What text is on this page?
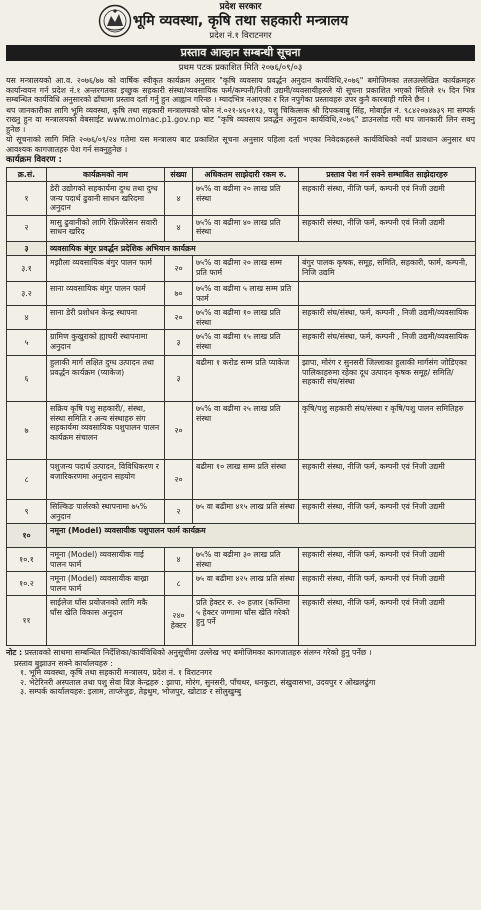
प्रदेश सरकार
भूमि व्यवस्था, कृषि तथा सहकारी मन्त्रालय
प्रदेश नं.१ विराटनगर
प्रस्ताव आव्हान सम्बन्धी सूचना
प्रथम पटक प्रकाशित मिति २०७६/०९/०३

यस मन्त्रालयको आ.व. २०७६/७७ को वार्षिक स्वीकृत कार्यक्रम अनुसार "कृषि व्यवसाय प्रवर्द्धन अनुदान कार्यविधि,२०७६" बमोजिमका तलउल्लेखित कार्यक्रमहरु कार्यान्वयन गर्न प्रदेश नं.१ अन्तरगतका इच्छुक सहकारी संस्था/व्यवसायिक फर्म/कम्पनी/निजी उद्यमी/व्यवसायीहरुले यो सूचना प्रकाशित भएको मितिले १५ दिन भित्र सम्बन्धित कार्यविधि अनुसारको ढाँचामा प्रस्ताव दर्ता गर्नु हुन आह्वान गरिन्छ । म्यादभित्र नआएका र रित नपुगेका प्रस्तावहरु उपर कुनै कारबाही गरिने छैन ।

थप जानकारीका लागि भूमि व्यवस्था, कृषि तथा सहकारी मन्त्रालयको फोन नं.०२१-४६०११३, पशु चिकित्सक श्री दिपकबाबु सिंह, मोबाईल नं. ९८४२०७४७३९ मा सम्पर्क राख्नु हुन वा मन्त्रालयको वेबसाईट www.molmac.p1.gov.np बाट "कृषि व्यवसाय प्रवर्द्धन अनुदान कार्यविधि,२०७६" डाउनलोड गरी थप जानकारी लिन सक्नु हुनेछ ।

यो सूचनाको लागि मिति २०७६/०९/२४ गतेमा यस मन्त्रालय बाट प्रकाशित सूचना अनुसार पहिला दर्ता भएका निवेदकहरुले कार्यविधिको नयाँ प्रावधान अनुसार थप आवश्यक कागजातहरु पेश गर्न सक्नुहुनेछ ।

कार्यक्रम विवरण :
क्र.सं.	कार्यक्रमको नाम	संख्या	अधिकतम साझेदारी रकम रु.	प्रस्ताव पेश गर्न सक्ने सम्भावित साझेदारहरु
१	डेरी उद्योगको सहकार्यमा दुग्ध तथा दुग्ध जन्य पदार्थ ढुवानी साधन खरिदमा अनुदान	४	७५% वा बढीमा २० लाख प्रति संस्था	सहकारी संस्था, नीजि फर्म, कम्पनी एवं निजी उद्यमी
२	मासु ढुवानीको लागि रेफ्रिजेरेसन सवारी साधन खरिद	४	७५% वा बढीमा ४० लाख प्रति संस्था	सहकारी संस्था, नीजि फर्म, कम्पनी एवं निजी उद्यमी
३	व्यवसायिक बंगुर प्रवर्द्धन प्रदेशिक अभियान कार्यक्रम			
३.१	मझौला व्यवसायिक बंगुर पालन फार्म	२०	७५% वा बढीमा २० लाख सम्म प्रति फार्म	बंगुर पालक कृषक, समूह, समिति, सहकारी, फार्म, कम्पनी, निजि उद्यमि
३.२	साना व्यवसायिक बंगुर पालन फार्म	७०	७५% वा बढीमा ५ लाख सम्म प्रति फार्म	
४	साना डेरी प्रशोधन केन्द्र स्थापना	२०	७५% वा बढीमा १० लाख प्रति संस्था	सहकारी संघ/संस्था, फर्म, कम्पनी , निजी उद्यमी/व्यवसायिक
५	ग्रामिण कुखुराको ह्याचरी स्थापनामा अनुदान	३	७५% वा बढीमा १५ लाख प्रति संस्था	सहकारी संघ/संस्था, फर्म, कम्पनी , निजी उद्यमी/व्यवसायिक
६	हुलाकी मार्ग लक्षित दुग्ध उत्पादन तथा प्रवर्द्धन कार्यक्रम (प्याकेज)	३	बढीमा १ करोड सम्म प्रति प्याकेज	झापा, मोरंग र सुनसरी जिल्लाका हुलाकी मार्गसंग जोडिएका पालिकाहरुमा रहेका दूध उत्पादन कृषक समूह/ समिति/ सहकारी संघ/संस्था
७	सक्रिय कृषि पशु सहकारी/, संस्था, संस्था समिति र अन्य संस्थाहरु संग सहकार्यमा व्यवसायिक पशुपालन पालन कार्यक्रम संचालन	२०	७५% वा बढीमा २५ लाख प्रति संस्था	कृषि/पशु सहकारी संघ/संस्था र कृषि/पशु पालन समितिहरु
८	पशुजन्य पदार्थ उत्पादन, विविधिकरण र बजारिकरणमा अनुदान सहयोग	२०	बढीमा १० लाख सम्म प्रति संस्था	सहकारी संस्था, नीजि फर्म, कम्पनी एवं निजी उद्यमी
९	सिल्किङ पार्लरको स्थापनामा ७५% अनुदान	२	७५ वा बढीमा ४१५ लाख प्रति संस्था	सहकारी संस्था, नीजि फर्म, कम्पनी एवं निजी उद्यमी
१०	नमूना (Model) व्यवसायीक पशुपालन फार्म कार्यक्रम			
१०.१	नमूना (Model) व्यवसायीक गाई पालन फार्म	४	७५% वा बढीमा ३० लाख प्रति संस्था	सहकारी संस्था, नीजि फर्म, कम्पनी एवं निजी उद्यमी
१०.२	नमूना (Model) व्यवसायीक बाख्रा पालन फार्म	८	७५ वा बढीमा ४२५ लाख प्रति संस्था	सहकारी संस्था, नीजि फर्म, कम्पनी एवं निजी उद्यमी
११	साईलेज घाँस प्रयोजनको लागि मकै घाँस खेति विकास अनुदान	२४० हेक्टर	प्रति हेक्टर रु. २० हजार (कम्तिमा ५ हेक्टर जग्गामा घाँस खेति गरेको हुनु पर्ने	सहकारी संस्था, नीजि फर्म, कम्पनी एवं निजी उद्यमी
नोट : प्रस्तावको साथमा सम्बन्धित निर्देशिका/कार्यविधिको अनुसूचीमा उल्लेख भए बमोजिमका कागजातहरु संलग्न गरेको हुनु पर्नेछ ।
प्रस्ताव बुझाउन सक्ने कार्यालयहरु :
१. भूमि व्यवस्था, कृषि तथा सहकारी मन्त्रालय, प्रदेश नं. १ विराटनगर
२. भेटेरिनरी अस्पताल तथा पशु सेवा विज्ञ केन्द्रहरु : झापा, मोरंग, सुनसरी, पाँचथर, धनकुटा, संखुवासभा, उदयपुर र ओखलढुंगा
३. सम्पर्क कार्यालयहरु: इलाम, ताप्लेजुङ, तेह्रथुम, भोजपुर, खोटाङ र सोलुखुम्बु
